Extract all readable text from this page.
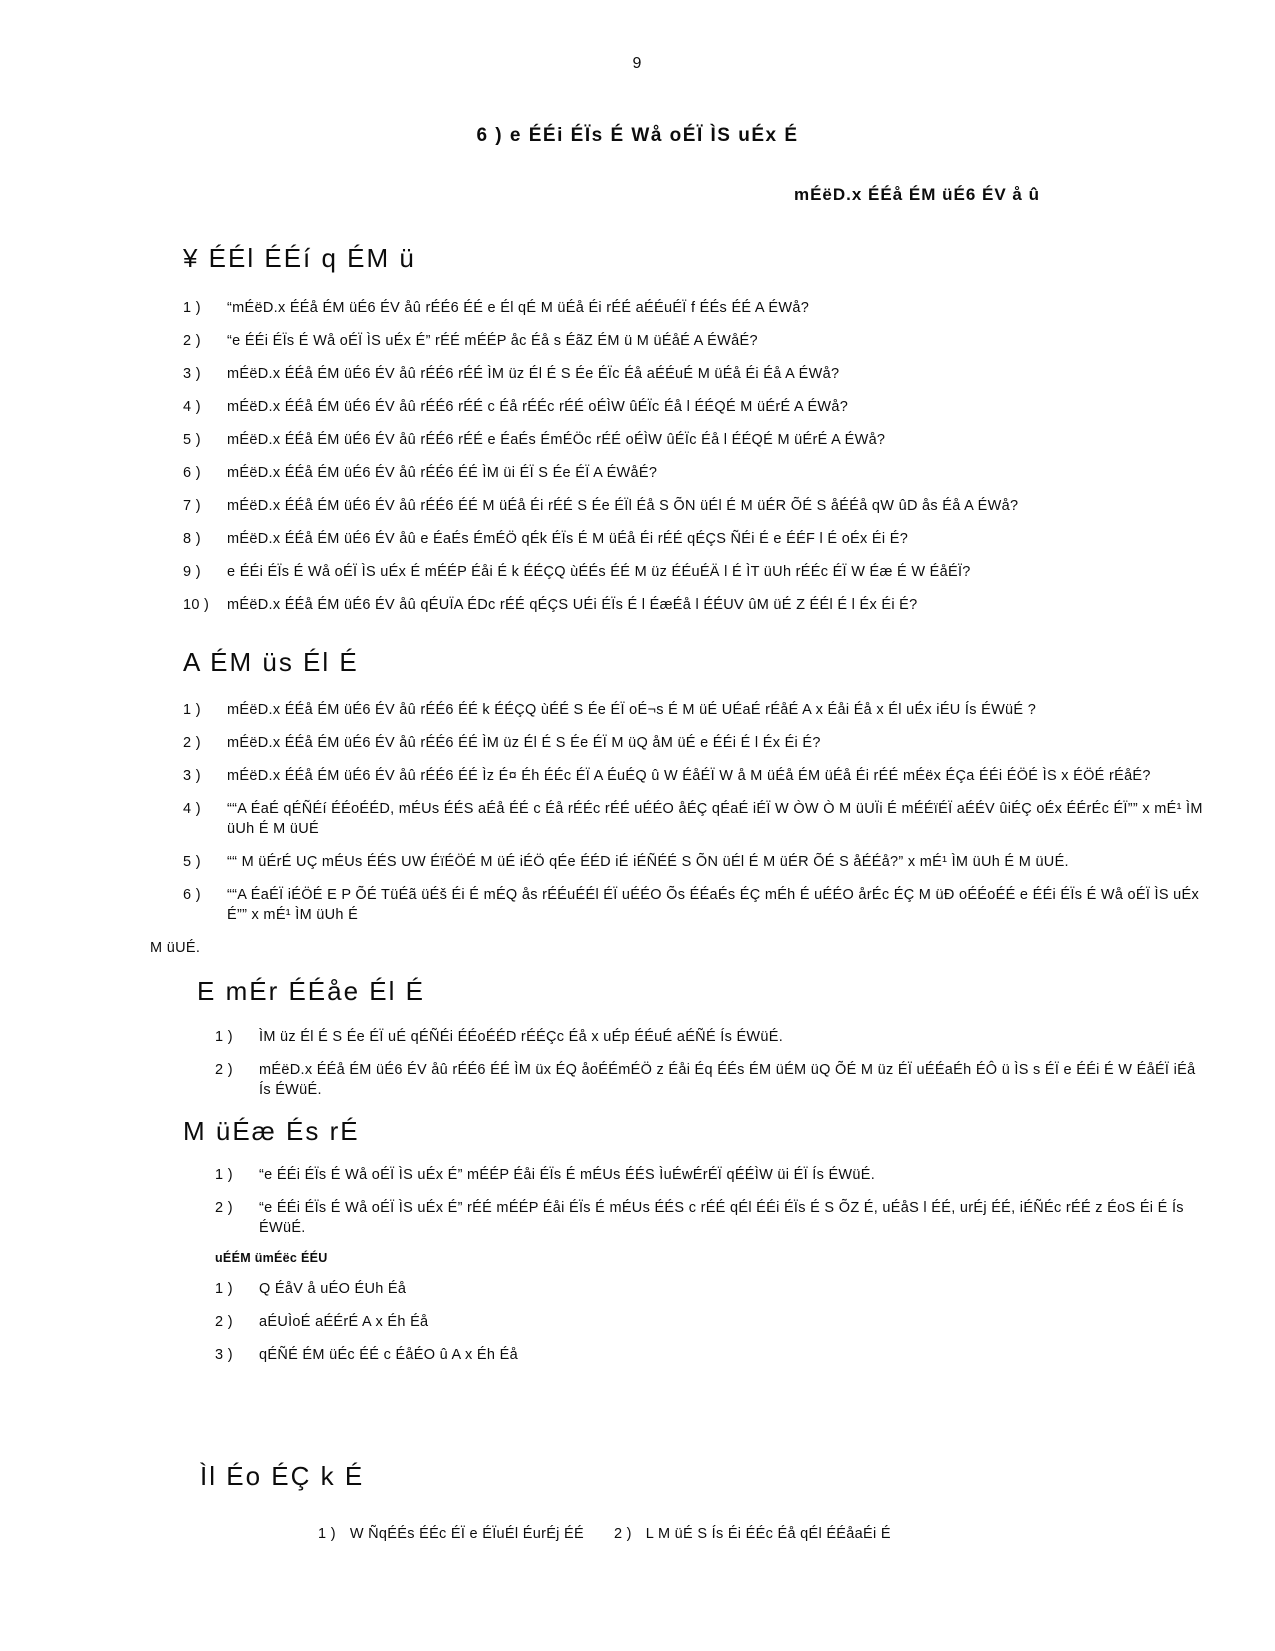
9
6 ) e ÉÉi ÉÏs É Wå oÉÏ ÌS uÉx É
mÉëD.x ÉÉå ÉM üÉ6 ÉV å û
¥ ÉÉl ÉÉí q ÉM ü
1 )	“mÉëD.x ÉÉå ÉM üÉ6 ÉV åû rÉÉ6 ÉÉ e Él qÉ M üÉå Éi rÉÉ aÉÉuÉÏ f ÉÉs ÉÉ A ÉWå?
2 )	“e ÉÉi ÉÏs É Wå oÉÏ ÌS uÉx É” rÉÉ mÉÉP åc Éå s ÉãZ ÉM ü M üÉåÉ A ÉWåÉ?
3 )	mÉëD.x ÉÉå ÉM üÉ6 ÉV åû rÉÉ6 rÉÉ ÌM üz Él É S Ée ÉÏc Éå aÉÉuÉ M üÉå Éi Éå A ÉWå?
4 )	mÉëD.x ÉÉå ÉM üÉ6 ÉV åû rÉÉ6 rÉÉ c Éå rÉÉc rÉÉ oÉÌW ûÉÏc Éå l ÉÉQÉ M üÉrÉ A ÉWå?
5 )	mÉëD.x ÉÉå ÉM üÉ6 ÉV åû rÉÉ6 rÉÉ e ÉaÉs ÉmÉÖc rÉÉ oÉÌW ûÉÏc Éå l ÉÉQÉ M üÉrÉ A ÉWå?
6 )	mÉëD.x ÉÉå ÉM üÉ6 ÉV åû rÉÉ6 ÉÉ ÌM üi ÉÏ S Ée ÉÏ A ÉWåÉ?
7 )	mÉëD.x ÉÉå ÉM üÉ6 ÉV åû rÉÉ6 ÉÉ M üÉå Éi rÉÉ S Ée ÉÏl Éå S ÕN üÉl É M üÉR ÕÉ S åÉÉå qW ûD ås Éå A ÉWå?
8 )	mÉëD.x ÉÉå ÉM üÉ6 ÉV åû e ÉaÉs ÉmÉÖ qÉk ÉÏs É M üÉå Éi rÉÉ qÉÇS ÑÉi É e ÉÉF l É oÉx Éi É?
9 )	e ÉÉi ÉÏs É Wå oÉÏ ÌS uÉx É mÉÉP Éåi É k ÉÉÇQ ùÉÉs ÉÉ M üz ÉÉuÉÄ l É ÌT üUh rÉÉc ÉÏ W Éæ É W ÉåÉÏ?
10 )	mÉëD.x ÉÉå ÉM üÉ6 ÉV åû qÉUÏA ÉDc rÉÉ qÉÇS UÉi ÉÏs É l ÉæÉå l ÉÉUV ûM üÉ Z ÉÉl É l Éx Éi É?
A ÉM üs Él É
1 )	mÉëD.x ÉÉå ÉM üÉ6 ÉV åû rÉÉ6 ÉÉ k ÉÉÇQ ùÉÉ S Ée ÉÏ oÉ¬s É M üÉ UÉaÉ rÉåÉ A x Éåi Éå x Él uÉx iÉU Ís ÉWüÉ ?
2 )	mÉëD.x ÉÉå ÉM üÉ6 ÉV åû rÉÉ6 ÉÉ ÌM üz Él É S Ée ÉÏ M üQ åM üÉ e ÉÉi É l Éx Éi É?
3 )	mÉëD.x ÉÉå ÉM üÉ6 ÉV åû rÉÉ6 ÉÉ Ìz É¤ Éh ÉÉc ÉÏ A ÉuÉQ û W ÉåÉÏ W å M üÉå ÉM üÉå Éi rÉÉ mÉëx ÉÇa ÉÉi ÉÖÉ ÌS x ÉÖÉ rÉåÉ?
4 )	““A ÉaÉ qÉÑÉí ÉÉoÉÉD, mÉUs ÉÉS aÉå ÉÉ c Éå rÉÉc rÉÉ uÉÉO åÉÇ qÉaÉ iÉÏ W ÒW Ò M üUÏi É mÉÉïÉÏ aÉÉV ûiÉÇ oÉx ÉÉrÉc ÉÏ”” x mÉ¹ ÌM üUh É M üUÉ
5 )	““ M üÉrÉ UÇ mÉUs ÉÉS UW ÉïÉÖÉ M üÉ iÉÖ qÉe ÉÉD iÉ iÉÑÉÉ S ÕN üÉl É M üÉR ÕÉ S åÉÉå?” x mÉ¹ ÌM üUh É M üUÉ.
6 )	““A ÉaÉÏ iÉÖÉ E P ÕÉ TüÉã üÉš Éi É mÉQ ås rÉÉuÉÉl ÉÏ uÉÉO Õs ÉÉaÉs ÉÇ mÉh É uÉÉO årÉc ÉÇ M üÐ oÉÉoÉÉ e ÉÉi ÉÏs É Wå oÉÏ ÌS uÉx É”” x mÉ¹ ÌM üUh É
M üUÉ.
E mÉr ÉÉåe Él É
1 )	ÌM üz Él É S Ée ÉÏ uÉ qÉÑÉi ÉÉoÉÉD rÉÉÇc Éå x uÉp ÉÉuÉ aÉÑÉ Ís ÉWüÉ.
2 )	mÉëD.x ÉÉå ÉM üÉ6 ÉV åû rÉÉ6 ÉÉ ÌM üx ÉQ åoÉÉmÉÖ z Éåi Éq ÉÉs ÉM üÉM üQ ÕÉ M üz ÉÏ uÉÉaÉh ÉÔ ü ÌS s ÉÏ e ÉÉi É W ÉåÉÏ iÉå Ís ÉWüÉ.
M üÉæ És rÉ
1 )	“e ÉÉi ÉÏs É Wå oÉÏ ÌS uÉx É” mÉÉP Éåi ÉÏs É mÉUs ÉÉS ÌuÉwÉrÉÏ qÉÉÌW üi ÉÏ Ís ÉWüÉ.
2 )	“e ÉÉi ÉÏs É Wå oÉÏ ÌS uÉx É” rÉÉ mÉÉP Éåi ÉÏs É mÉUs ÉÉS c rÉÉ qÉl ÉÉi ÉÏs É S ÕZ É, uÉåS l ÉÉ, urÉj ÉÉ, iÉÑÉc rÉÉ z ÉoS Éi É Ís ÉWüÉ.
uÉÉM ümÉëc ÉÉU
1 )	Q ÉåV å uÉO ÉUh Éå
2 )	aÉUÌoÉ aÉÉrÉ A x Éh Éå
3 )	qÉÑÉ ÉM üÉc ÉÉ c ÉåÉO û A x Éh Éå
Ìl Éo ÉÇ k É
1 ) W ÑqÉÉs ÉÉc ÉÏ e ÉÏuÉl ÉurÉj ÉÉ 2 ) L M üÉ S Ís Éi ÉÉc Éå qÉl ÉÉåaÉi É
